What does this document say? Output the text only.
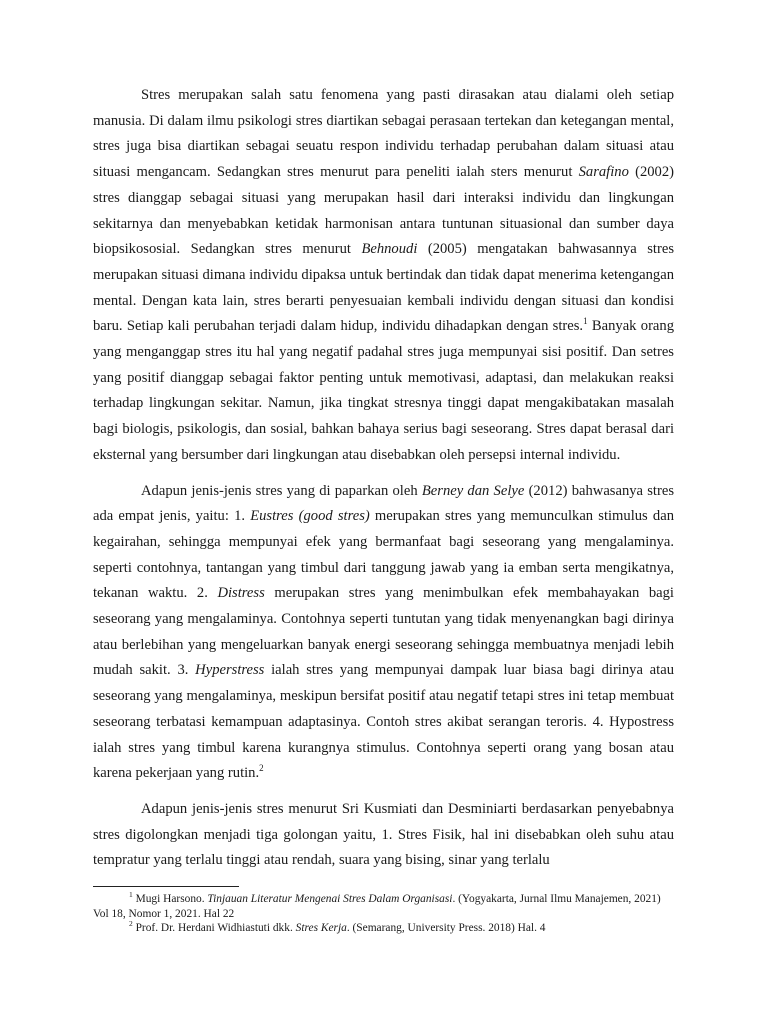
Stres merupakan salah satu fenomena yang pasti dirasakan atau dialami oleh setiap manusia. Di dalam ilmu psikologi stres diartikan sebagai perasaan tertekan dan ketegangan mental, stres juga bisa diartikan sebagai seuatu respon individu terhadap perubahan dalam situasi atau situasi mengancam. Sedangkan stres menurut para peneliti ialah sters menurut Sarafino (2002) stres dianggap sebagai situasi yang merupakan hasil dari interaksi individu dan lingkungan sekitarnya dan menyebabkan ketidak harmonisan antara tuntunan situasional dan sumber daya biopsikososial. Sedangkan stres menurut Behnoudi (2005) mengatakan bahwasannya stres merupakan situasi dimana individu dipaksa untuk bertindak dan tidak dapat menerima ketengangan mental. Dengan kata lain, stres berarti penyesuaian kembali individu dengan situasi dan kondisi baru. Setiap kali perubahan terjadi dalam hidup, individu dihadapkan dengan stres.$^1$ Banyak orang yang menganggap stres itu hal yang negatif padahal stres juga mempunyai sisi positif. Dan setres yang positif dianggap sebagai faktor penting untuk memotivasi, adaptasi, dan melakukan reaksi terhadap lingkungan sekitar. Namun, jika tingkat stresnya tinggi dapat mengakibatakan masalah bagi biologis, psikologis, dan sosial, bahkan bahaya serius bagi seseorang. Stres dapat berasal dari eksternal yang bersumber dari lingkungan atau disebabkan oleh persepsi internal individu.

Adapun jenis-jenis stres yang di paparkan oleh Berney dan Selye (2012) bahwasanya stres ada empat jenis, yaitu: 1. Eustres (good stres) merupakan stres yang memunculkan stimulus dan kegairahan, sehingga mempunyai efek yang bermanfaat bagi seseorang yang mengalaminya. seperti contohnya, tantangan yang timbul dari tanggung jawab yang ia emban serta mengikatnya, tekanan waktu. 2. Distress merupakan stres yang menimbulkan efek membahayakan bagi seseorang yang mengalaminya. Contohnya seperti tuntutan yang tidak menyenangkan bagi dirinya atau berlebihan yang mengeluarkan banyak energi seseorang sehingga membuatnya menjadi lebih mudah sakit. 3. Hyperstress ialah stres yang mempunyai dampak luar biasa bagi dirinya atau seseorang yang mengalaminya, meskipun bersifat positif atau negatif tetapi stres ini tetap membuat seseorang terbatasi kemampuan adaptasinya. Contoh stres akibat serangan teroris. 4. Hypostress ialah stres yang timbul karena kurangnya stimulus. Contohnya seperti orang yang bosan atau karena pekerjaan yang rutin.$^2$

Adapun jenis-jenis stres menurut Sri Kusmiati dan Desminiarti berdasarkan penyebabnya stres digolongkan menjadi tiga golongan yaitu, 1. Stres Fisik, hal ini disebabkan oleh suhu atau tempratur yang terlalu tinggi atau rendah, suara yang bising, sinar yang terlalu

$^1$ Mugi Harsono. Tinjauan Literatur Mengenai Stres Dalam Organisasi. (Yogyakarta, Jurnal Ilmu Manajemen, 2021) Vol 18, Nomor 1, 2021. Hal 22

$^2$ Prof. Dr. Herdani Widhiastuti dkk. Stres Kerja. (Semarang, University Press. 2018) Hal. 4
